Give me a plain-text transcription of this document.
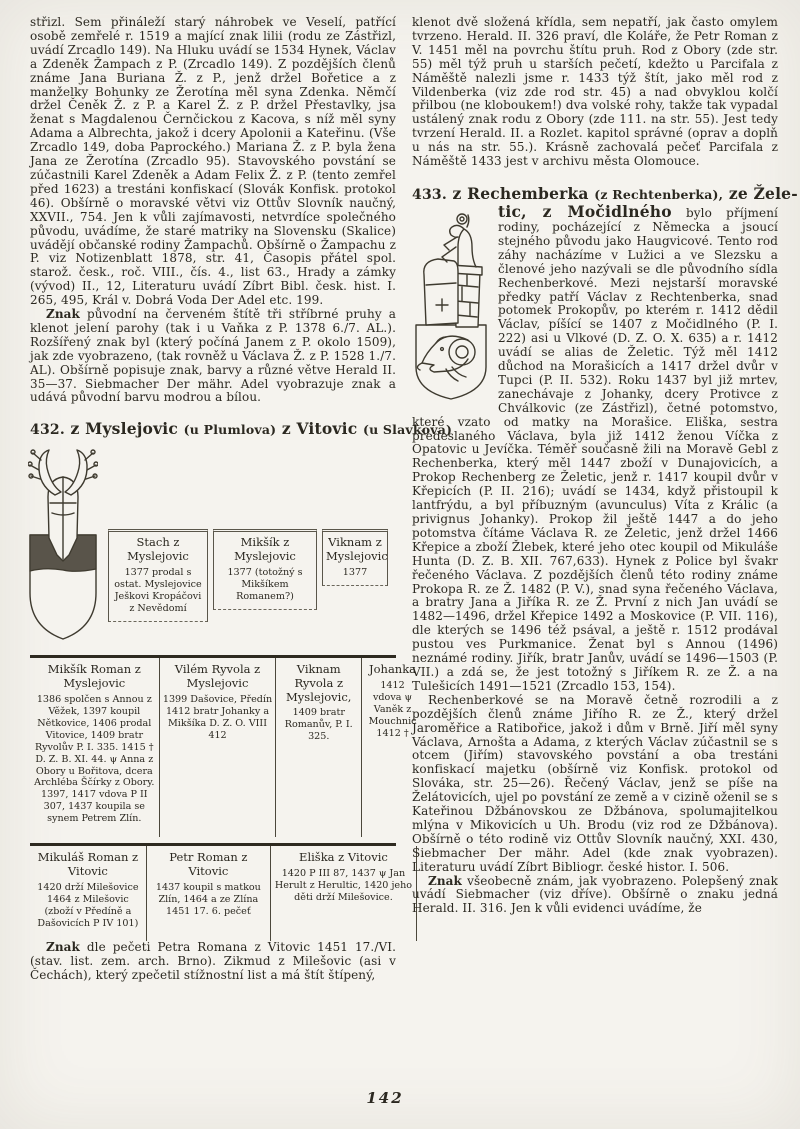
střizl. Sem přináleží starý náhrobek ve Veselí, patřící osobě zemřelé r. 1519 a mající znak lilii (rodu ze Zástřizl, uvádí Zrcadlo 149). Na Hluku uvádí se 1534 Hynek, Václav a Zdeněk Žampach z P. (Zrcadlo 149). Z pozdějších členů známe Jana Buriana Ž. z P., jenž držel Bořetice a z manželky Bohunky ze Žerotína měl syna Zdenka. Němčí držel Čeněk Ž. z P. a Karel Ž. z P. držel Přestavlky, jsa ženat s Magdalenou Černčickou z Kacova, s níž měl syny Adama a Albrechta, jakož i dcery Apolonii a Kateřinu. (Vše Zrcadlo 149, doba Paprockého.) Mariana Ž. z P. byla žena Jana ze Žerotína (Zrcadlo 95). Stavovského povstání se zúčastnili Karel Zdeněk a Adam Felix Ž. z P. (tento zemřel před 1623) a trestáni konfiskací (Slovák Konfisk. protokol 46). Obšírně o moravské větvi viz Ottův Slovník naučný, XXVII., 754. Jen k vůli zajímavosti, netvrdíce společného původu, uvádíme, že staré matriky na Slovensku (Skalice) uvádějí občanské rodiny Žampachů. Obšírně o Žampachu z P. viz Notizenblatt 1878, str. 41, Časopis přátel spol. starož. česk., roč. VIII., čís. 4., list 63., Hrady a zámky (vývod) II., 12, Literaturu uvádí Zíbrt Bibl. česk. hist. I. 265, 495, Král v. Dobrá Voda Der Adel etc. 199.

Znak původní na červeném štítě tři stříbrné pruhy a klenot jelení parohy (tak i u Vaňka z P. 1378 6./7. AL.). Rozšířený znak byl (který počíná Janem z P. okolo 1509), jak zde vyobrazeno, (tak rovněž u Václava Ž. z P. 1528 1./7. AL). Obšírně popisuje znak, barvy a různé větve Herald II. 35—37. Siebmacher Der mähr. Adel vyobrazuje znak a udává původní barvu modrou a bílou.

432. z Myslejovic (u Plumlova) z Vitovic (u Slavkova)
Stach z Myslejovic
1377 prodal s ostat. Myslejovice Ješkovi Kropáčovi z Nevědomí
Mikšík z Myslejovic
1377 (totožný s Mikšíkem Romanem?)
Viknam z Myslejovic
1377
Mikšík Roman z Myslejovic
1386 spolčen s Annou z Věžek, 1397 koupil Nětkovice, 1406 prodal Vitovice, 1409 bratr Ryvolův P. I. 335. 1415 † D. Z. B. XI. 44. ψ Anna z Obory u Bořitova, dcera Archléba Ščírky z Obory. 1397, 1417 vdova P II 307, 1437 koupila se synem Petrem Zlín.
Vilém Ryvola z Myslejovic
1399 Dašovice, Předín 1412 bratr Johanky a Mikšíka D. Z. O. VIII 412
Viknam Ryvola z Myslejovic,
1409 bratr Romanův, P. I. 325.
Johanka
1412 vdova ψ Vaněk z Mouchnic 1412 †
Mikuláš Roman z Vitovic
1420 drží Milešovice 1464 z Milešovic (zboží v Předíně a Dašovicích P IV 101)
Petr Roman z Vitovic
1437 koupil s matkou Zlín, 1464 a ze Zlína 1451 17. 6. pečeť
Eliška z Vitovic
1420 P III 87, 1437 ψ Jan Herult z Herultic, 1420 jeho děti drží Milešovice.

Znak dle pečeti Petra Romana z Vitovic 1451 17./VI. (stav. list. zem. arch. Brno). Zikmud z Milešovic (asi v Čechách), který zpečetil stížnostní list a má štít štípený,

klenot dvě složená křídla, sem nepatří, jak často omylem tvrzeno. Herald. II. 326 praví, dle Koláře, že Petr Roman z V. 1451 měl na povrchu štítu pruh. Rod z Obory (zde str. 55) měl týž pruh u starších pečetí, kdežto u Parcifala z Náměště nalezli jsme r. 1433 týž štít, jako měl rod z Vildenberka (viz zde rod str. 45) a nad obvyklou kolčí přilbou (ne kloboukem!) dva volské rohy, takže tak vypadal ustálený znak rodu z Obory (zde 111. na str. 55). Jest tedy tvrzení Herald. II. a Rozlet. kapitol správné (oprav a doplň u nás na str. 55.). Krásně zachovalá pečeť Parcifala z Náměště 1433 jest v archivu města Olomouce.

433. z Rechemberka (z Rechtenberka), ze Žele-

tic, z Močidlného bylo příjmení rodiny, pocházející z Německa a jsoucí stejného původu jako Haugvicové. Tento rod záhy nacházíme v Lužici a ve Slezsku a členové jeho nazývali se dle původního sídla Rechenberkové. Mezi nejstarší moravské předky patří Václav z Rechtenberka, snad potomek Prokopův, po kterém r. 1412 dědil Václav, píšící se 1407 z Močidlného (P. I. 222) asi u Vlkové (D. Z. O. X. 635) a r. 1412 uvádí se alias de Želetic. Týž měl 1412 důchod na Morašicích a 1417 držel dvůr v Tupci (P. II. 532). Roku 1437 byl již mrtev, zanechávaje z Johanky, dcery Protivce z Chválkovic (ze Zástřizl), četné potomstvo, které vzato od matky na Morašice. Eliška, sestra předeslaného Václava, byla již 1412 ženou Víčka z Opatovic u Jevíčka. Téměř současně žili na Moravě Gebl z Rechenberka, který měl 1447 zboží v Dunajovicích, a Prokop Rechenberg ze Želetic, jenž r. 1417 koupil dvůr v Křepicích (P. II. 216); uvádí se 1434, když přistoupil k lantfrýdu, a byl příbuzným (avunculus) Víta z Králic (a privignus Johanky). Prokop žil ještě 1447 a do jeho potomstva čítáme Václava R. ze Želetic, jenž držel 1466 Křepice a zboží Žlebek, které jeho otec koupil od Mikuláše Hunta (D. Z. B. XII. 767,633). Hynek z Police byl švakr řečeného Václava. Z pozdějších členů této rodiny známe Prokopa R. ze Ž. 1482 (P. V.), snad syna řečeného Václava, a bratry Jana a Jiříka R. ze Ž. První z nich Jan uvádí se 1482—1496, držel Křepice 1492 a Moskovice (P. VII. 116), dle kterých se 1496 též psával, a ještě r. 1512 prodával pustou ves Purkmanice. Ženat byl s Annou (1496) neznámé rodiny. Jiřík, bratr Janův, uvádí se 1496—1503 (P. VII.) a zdá se, že jest totožný s Jiříkem R. ze Ž. a na Tulešicích 1491—1521 (Zrcadlo 153, 154).

Rechenberkové se na Moravě četně rozrodili a z pozdějších členů známe Jiřího R. ze Ž., který držel Jaroměřice a Ratibořice, jakož i dům v Brně. Jiří měl syny Václava, Arnošta a Adama, z kterých Václav zúčastnil se s otcem (Jiřím) stavovského povstání a oba trestáni konfiskací majetku (obšírně viz Konfisk. protokol od Slováka, str. 25—26). Řečený Václav, jenž se píše na Želátovicích, ujel po povstání ze země a v cizině oženil se s Kateřinou Džbánovskou ze Džbánova, spolumajitelkou mlýna v Mikovicích u Uh. Brodu (viz rod ze Džbánova). Obšírně o této rodině viz Ottův Slovník naučný, XXI. 430, Siebmacher Der mähr. Adel (kde znak vyobrazen). Literaturu uvádí Zíbrt Bibliogr. české histor. I. 506.

Znak všeobecně znám, jak vyobrazeno. Polepšený znak uvádí Siebmacher (viz dříve). Obšírně o znaku jedná Herald. II. 316. Jen k vůli evidenci uvádíme, že

142
